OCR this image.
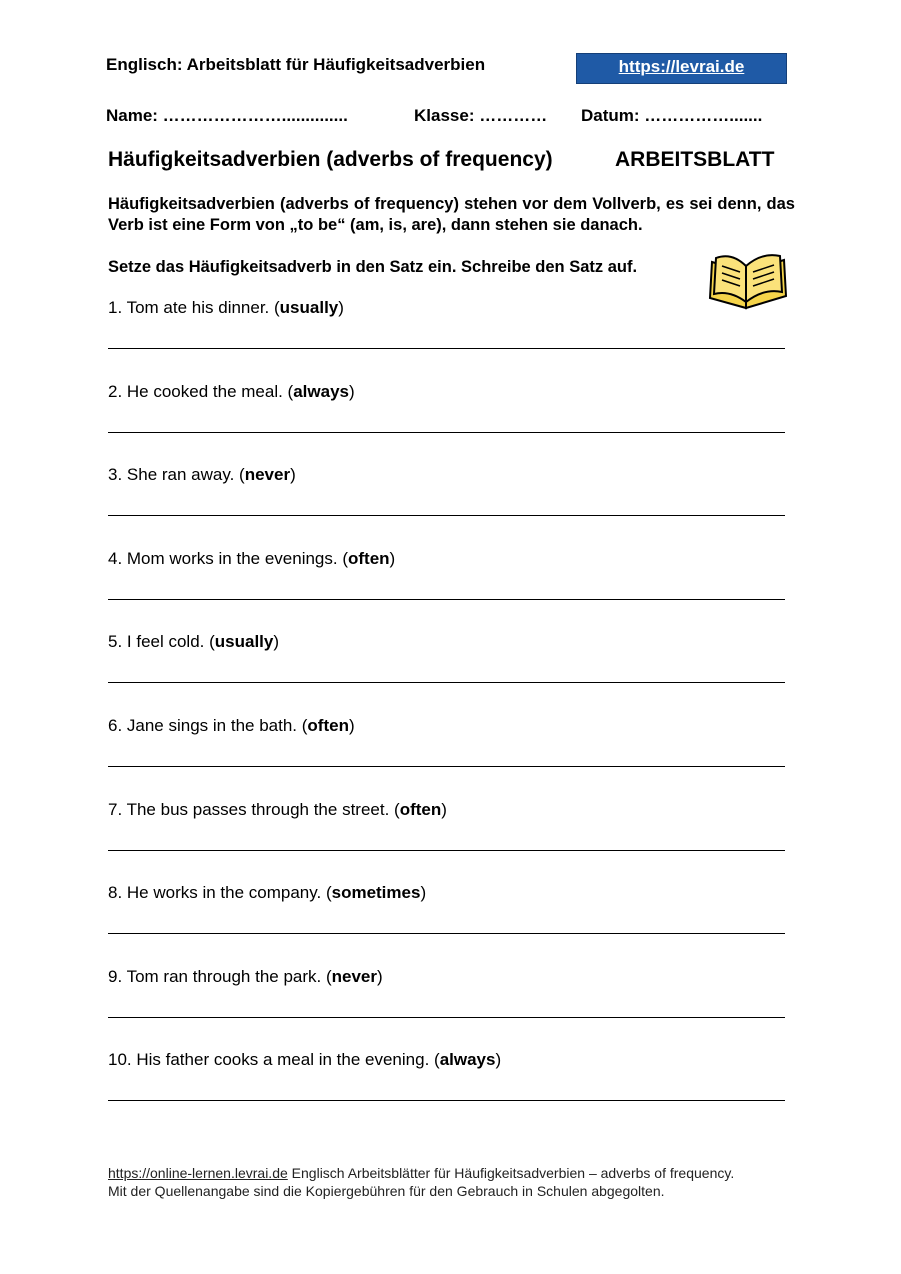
Englisch: Arbeitsblatt für Häufigkeitsadverbien	https://levrai.de
Name: …………………..............	Klasse: ………… Datum: …………….......
Häufigkeitsadverbien (adverbs of frequency)	ARBEITSBLATT
Häufigkeitsadverbien (adverbs of frequency) stehen vor dem Vollverb, es sei denn, das Verb ist eine Form von „to be“ (am, is, are), dann stehen sie danach.
Setze das Häufigkeitsadverb in den Satz ein. Schreibe den Satz auf.
1. Tom ate his dinner. (usually)
2. He cooked the meal. (always)
3. She ran away. (never)
4. Mom works in the evenings. (often)
5. I feel cold. (usually)
6. Jane sings in the bath. (often)
7. The bus passes through the street. (often)
8. He works in the company. (sometimes)
9. Tom ran through the park. (never)
10. His father cooks a meal in the evening. (always)
https://online-lernen.levrai.de Englisch Arbeitsblätter für Häufigkeitsadverbien – adverbs of frequency.
Mit der Quellenangabe sind die Kopiergebühren für den Gebrauch in Schulen abgegolten.
